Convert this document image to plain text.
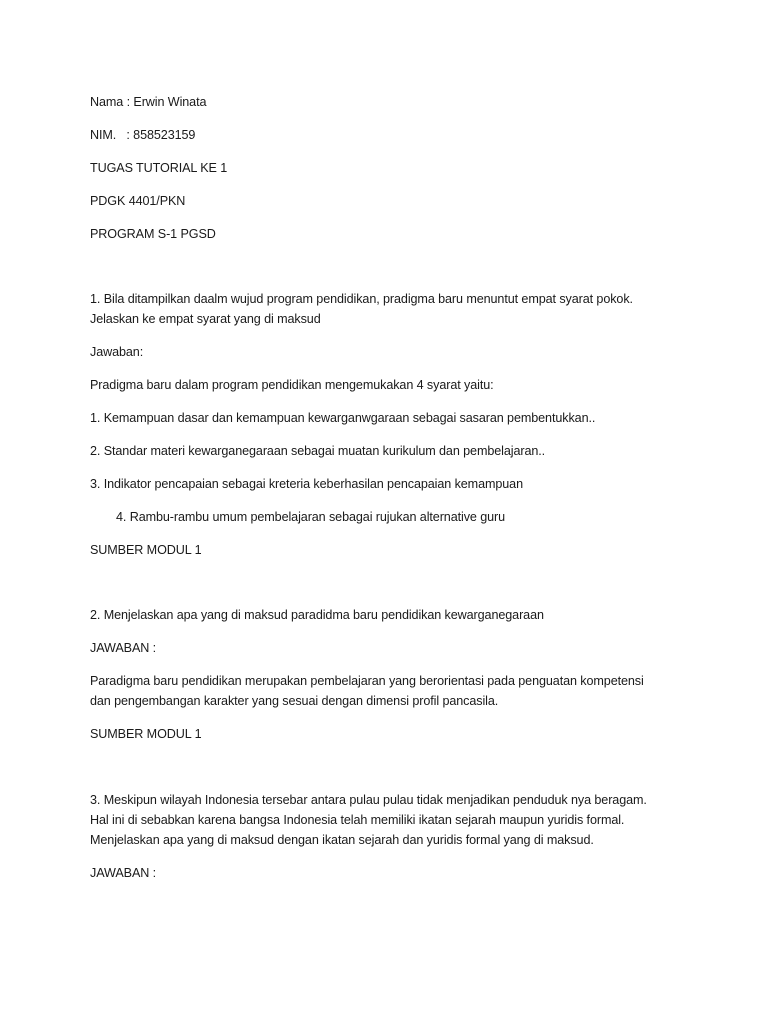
Nama : Erwin Winata
NIM.   : 858523159
TUGAS TUTORIAL KE 1
PDGK 4401/PKN
PROGRAM S-1 PGSD
1. Bila ditampilkan daalm wujud program pendidikan, pradigma baru menuntut empat syarat pokok.
Jelaskan ke empat syarat yang di maksud
Jawaban:
Pradigma baru dalam program pendidikan mengemukakan 4 syarat yaitu:
1. Kemampuan dasar dan kemampuan kewarganwgaraan sebagai sasaran pembentukkan..
2. Standar materi kewarganegaraan sebagai muatan kurikulum dan pembelajaran..
3. Indikator pencapaian sebagai kreteria keberhasilan pencapaian kemampuan
4. Rambu-rambu umum pembelajaran sebagai rujukan alternative guru
SUMBER MODUL 1
2. Menjelaskan apa yang di maksud paradidma baru pendidikan kewarganegaraan
JAWABAN :
Paradigma baru pendidikan merupakan pembelajaran yang berorientasi pada penguatan kompetensi
dan pengembangan karakter yang sesuai dengan dimensi profil pancasila.
SUMBER MODUL 1
3. Meskipun wilayah Indonesia tersebar antara pulau pulau tidak menjadikan penduduk nya beragam.
Hal ini di sebabkan karena bangsa Indonesia telah memiliki ikatan sejarah maupun yuridis formal.
Menjelaskan apa yang di maksud dengan ikatan sejarah dan yuridis formal yang di maksud.
JAWABAN :
